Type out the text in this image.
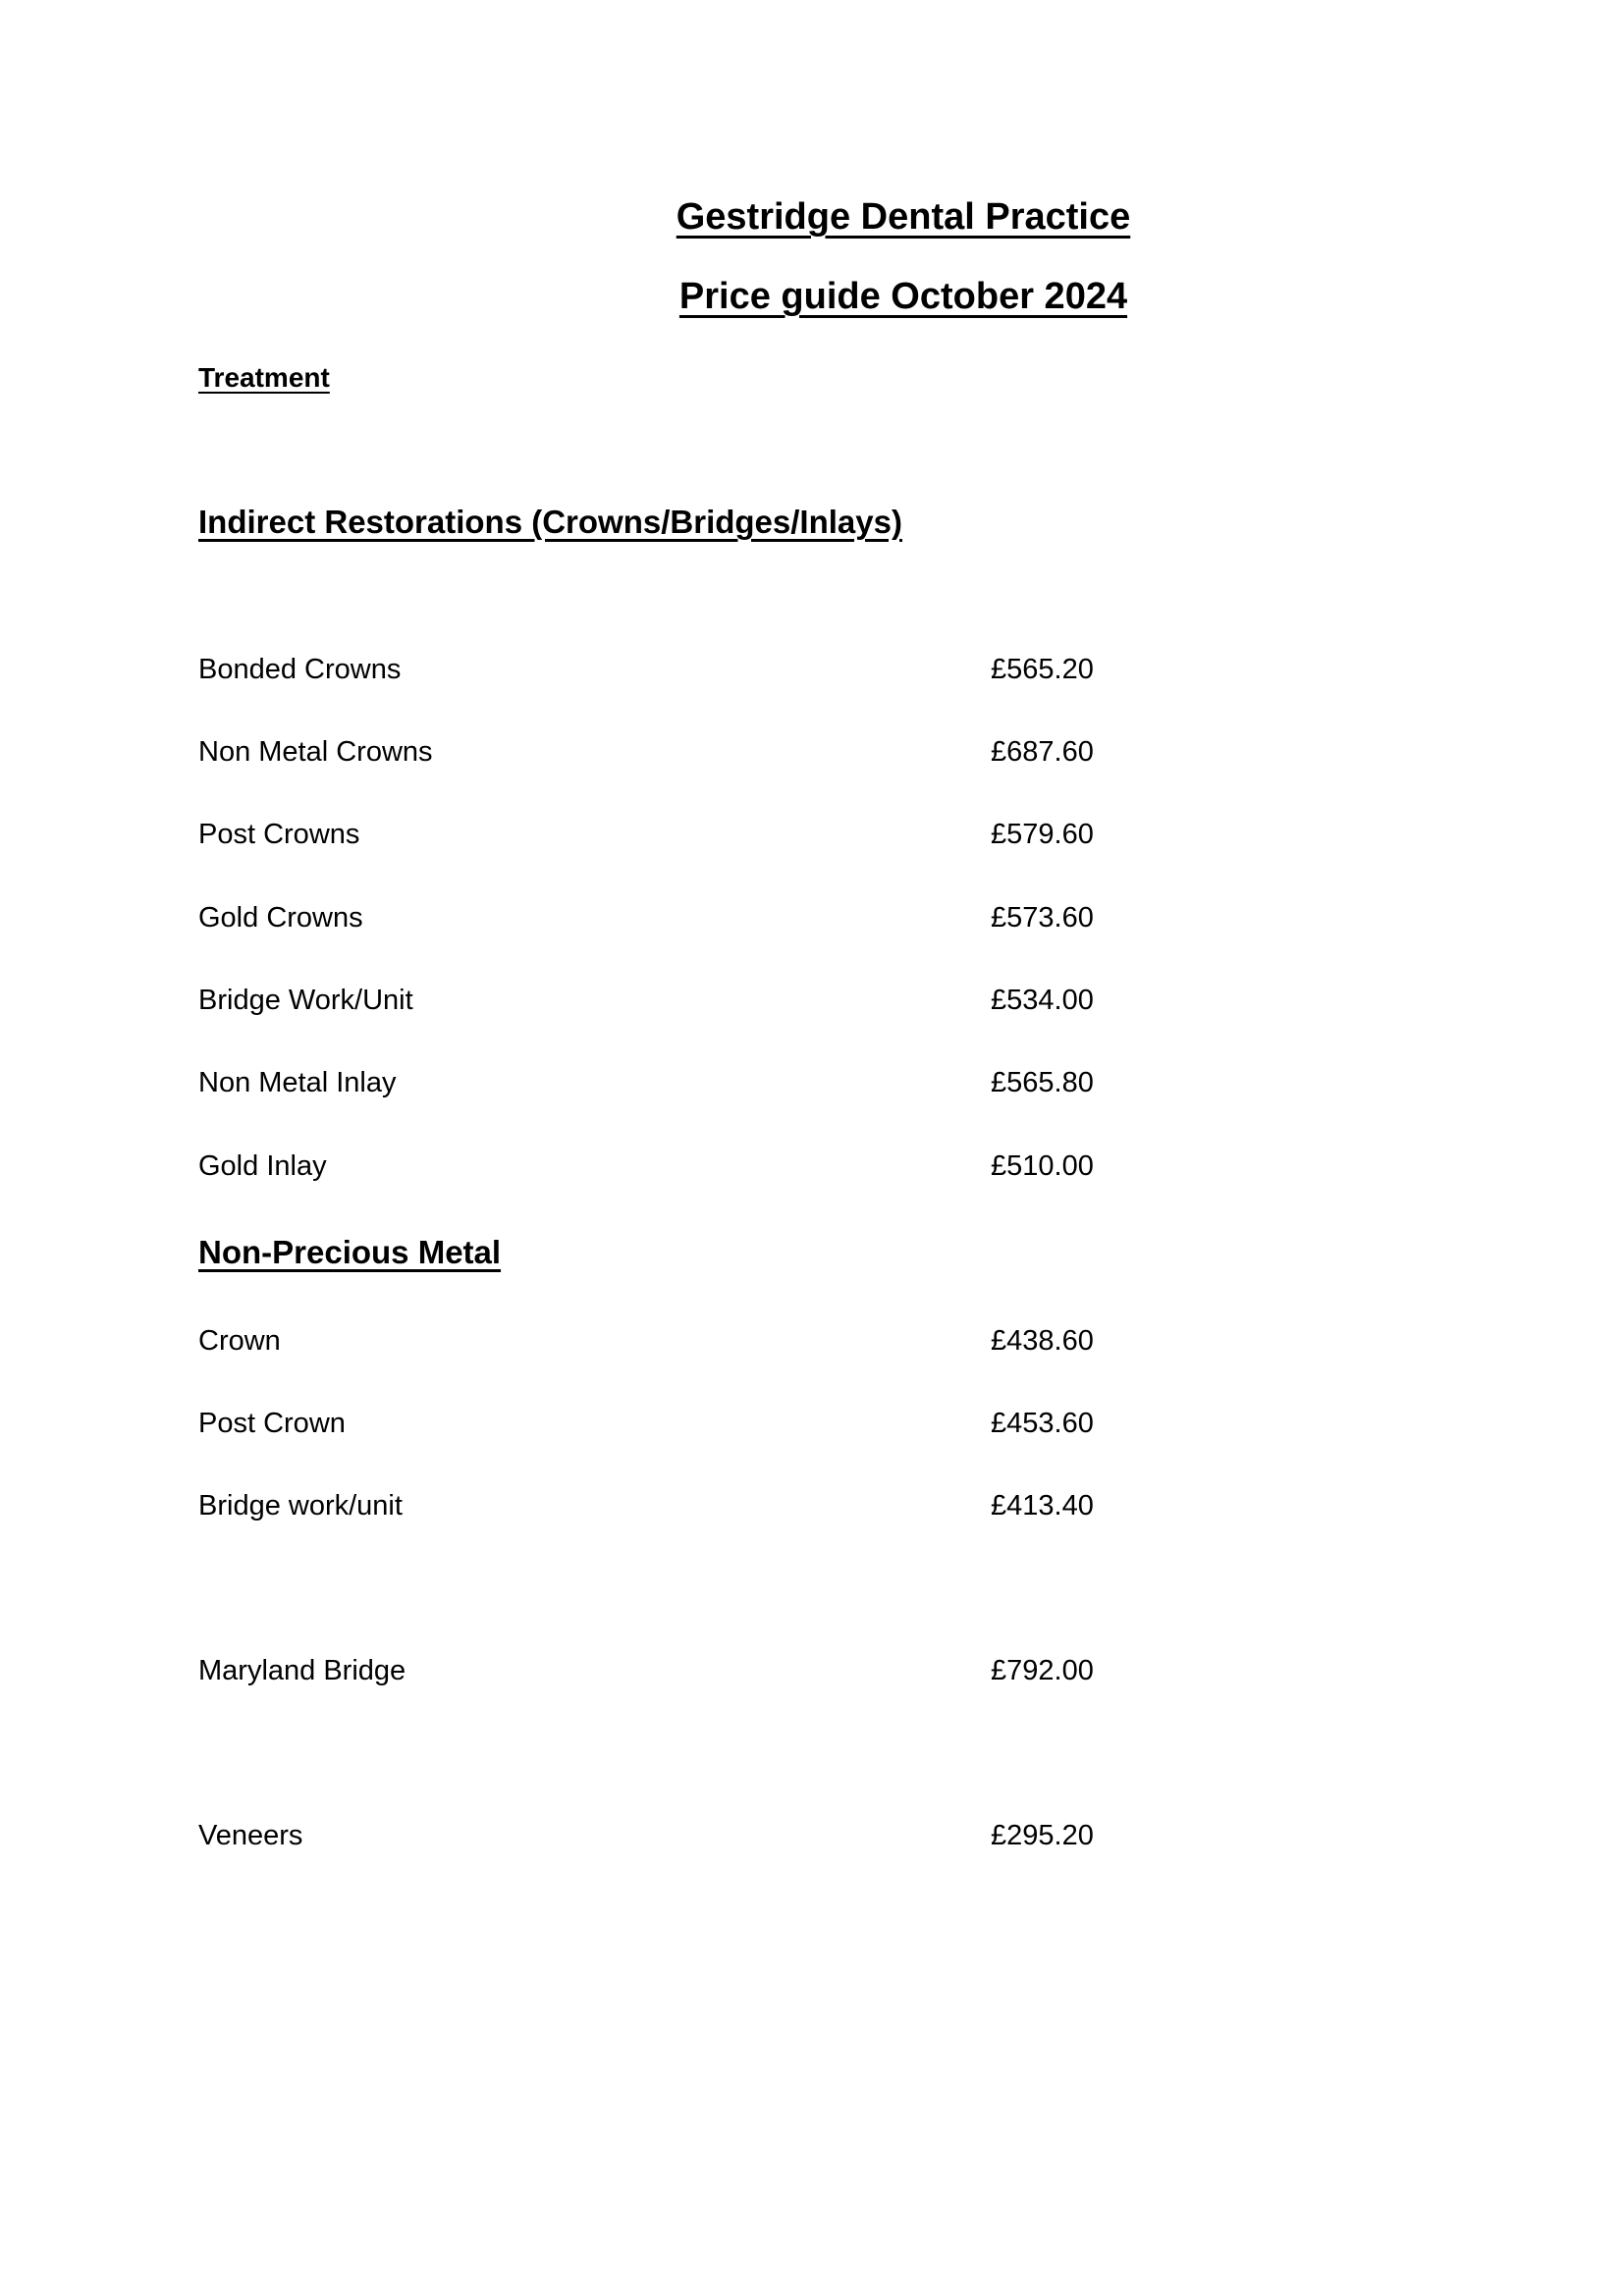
Gestridge Dental Practice
Price guide October 2024
Treatment
Indirect Restorations (Crowns/Bridges/Inlays)
Bonded Crowns	£565.20
Non Metal Crowns	£687.60
Post Crowns	£579.60
Gold Crowns	£573.60
Bridge Work/Unit	£534.00
Non Metal Inlay	£565.80
Gold Inlay	£510.00
Non-Precious Metal
Crown	£438.60
Post Crown	£453.60
Bridge work/unit	£413.40
Maryland Bridge	£792.00
Veneers	£295.20
